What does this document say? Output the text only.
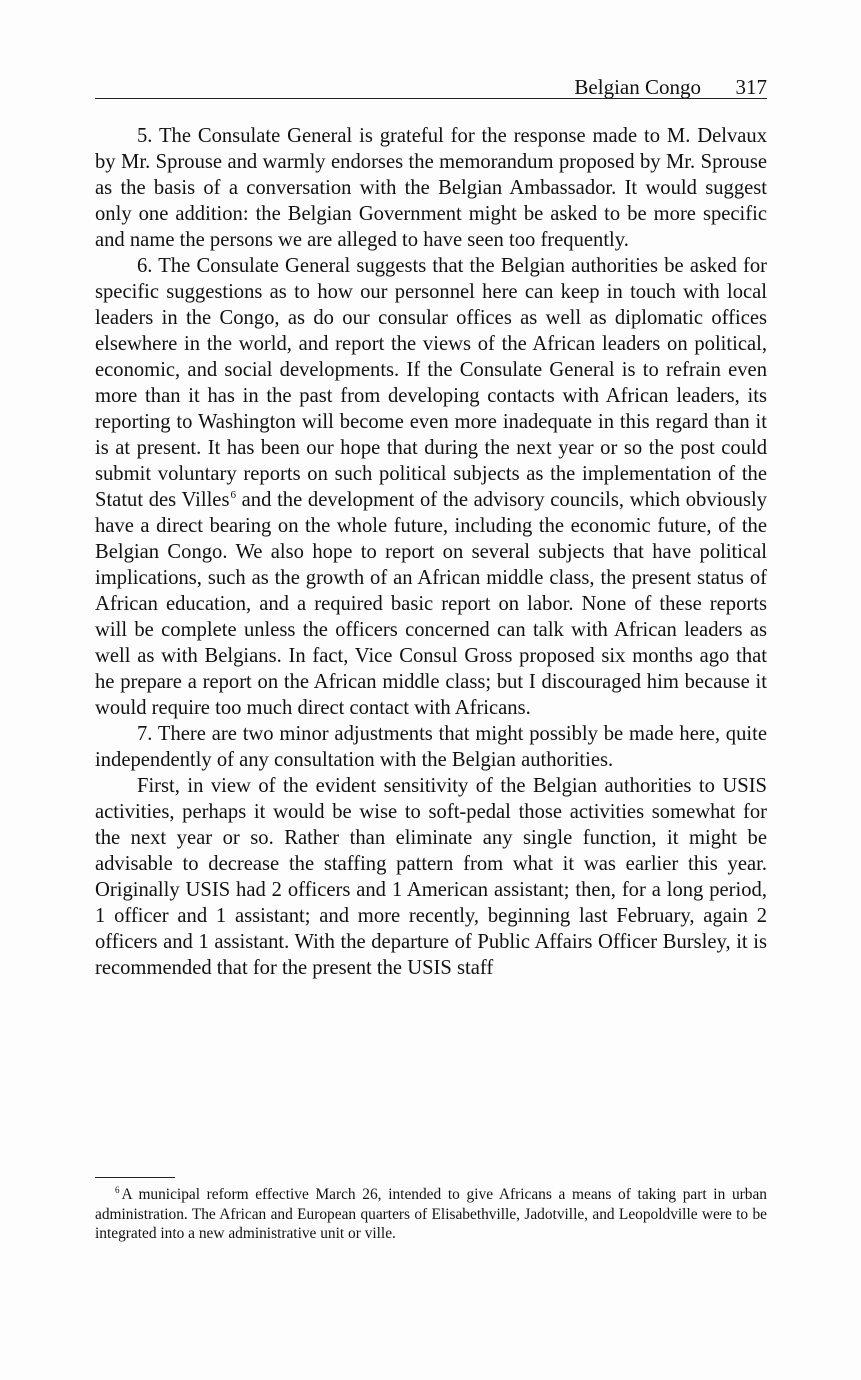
Belgian Congo 317

5. The Consulate General is grateful for the response made to M. Delvaux by Mr. Sprouse and warmly endorses the memorandum proposed by Mr. Sprouse as the basis of a conversation with the Belgian Ambassador. It would suggest only one addition: the Belgian Government might be asked to be more specific and name the persons we are alleged to have seen too frequently.

6. The Consulate General suggests that the Belgian authorities be asked for specific suggestions as to how our personnel here can keep in touch with local leaders in the Congo, as do our consular offices as well as diplomatic offices elsewhere in the world, and report the views of the African leaders on political, economic, and social developments. If the Consulate General is to refrain even more than it has in the past from developing contacts with African leaders, its reporting to Washington will become even more inadequate in this regard than it is at present. It has been our hope that during the next year or so the post could submit voluntary reports on such political subjects as the implementation of the Statut des Villes$^6$ and the development of the advisory councils, which obviously have a direct bearing on the whole future, including the economic future, of the Belgian Congo. We also hope to report on several subjects that have political implications, such as the growth of an African middle class, the present status of African education, and a required basic report on labor. None of these reports will be complete unless the officers concerned can talk with African leaders as well as with Belgians. In fact, Vice Consul Gross proposed six months ago that he prepare a report on the African middle class; but I discouraged him because it would require too much direct contact with Africans.

7. There are two minor adjustments that might possibly be made here, quite independently of any consultation with the Belgian authorities.

First, in view of the evident sensitivity of the Belgian authorities to USIS activities, perhaps it would be wise to soft-pedal those activities somewhat for the next year or so. Rather than eliminate any single function, it might be advisable to decrease the staffing pattern from what it was earlier this year. Originally USIS had 2 officers and 1 American assistant; then, for a long period, 1 officer and 1 assistant; and more recently, beginning last February, again 2 officers and 1 assistant. With the departure of Public Affairs Officer Bursley, it is recommended that for the present the USIS staff

$^6$ A municipal reform effective March 26, intended to give Africans a means of taking part in urban administration. The African and European quarters of Elisabethville, Jadotville, and Leopoldville were to be integrated into a new administrative unit or ville.
